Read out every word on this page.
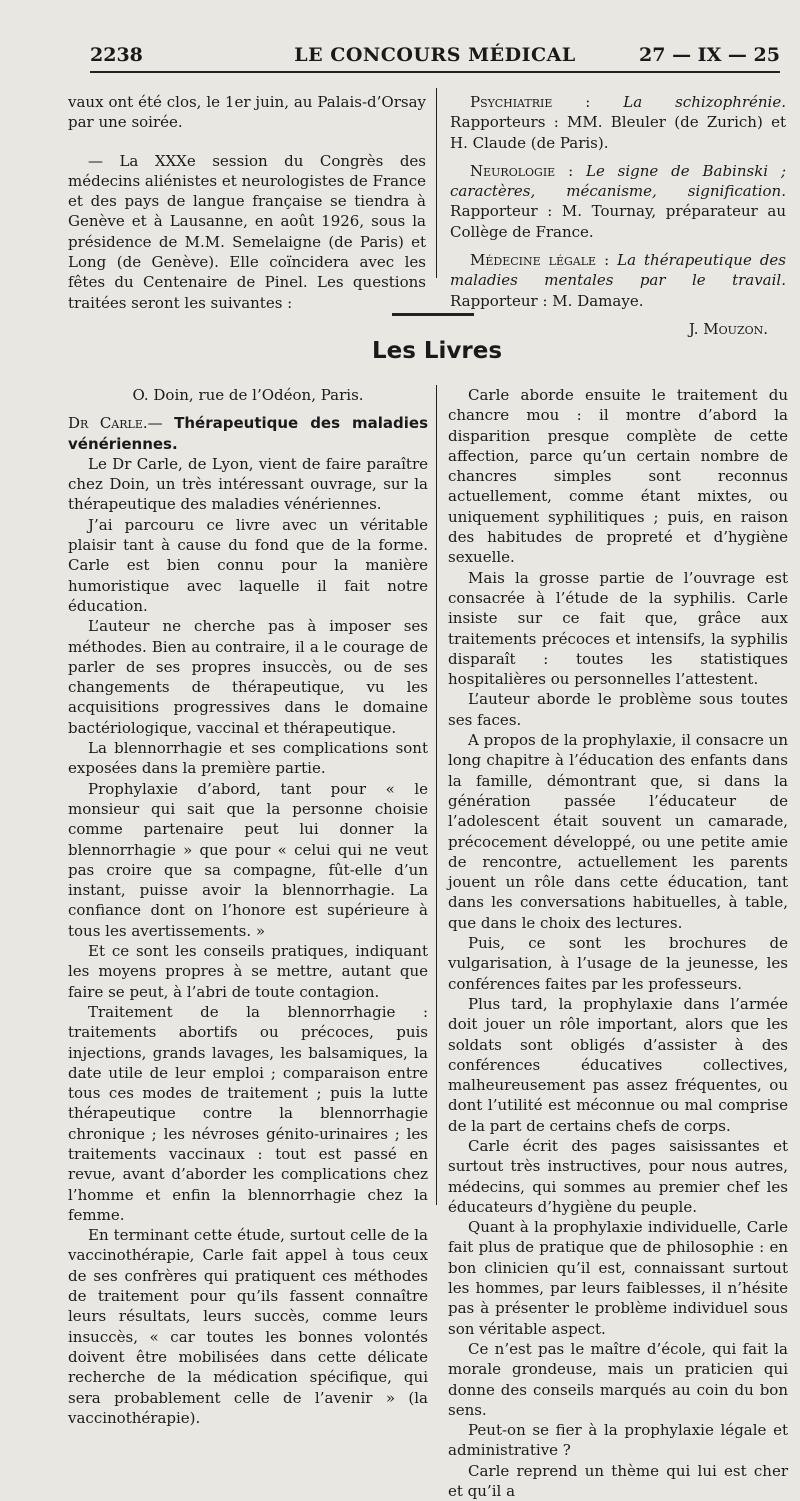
2238	LE CONCOURS MÉDICAL	27 — IX — 25

vaux ont été clos, le 1er juin, au Palais-d’Orsay par une soirée.

— La XXXe session du Congrès des médecins aliénistes et neurologistes de France et des pays de langue française se tiendra à Genève et à Lausanne, en août 1926, sous la présidence de M.M. Semelaigne (de Paris) et Long (de Genève). Elle coïncidera avec les fêtes du Centenaire de Pinel. Les questions traitées seront les suivantes :

Psychiatrie : La schizophrénie. Rapporteurs : MM. Bleuler (de Zurich) et H. Claude (de Paris).

Neurologie : Le signe de Babinski ; caractères, mécanisme, signification. Rapporteur : M. Tournay, préparateur au Collège de France.

Médecine légale : La thérapeutique des maladies mentales par le travail. Rapporteur : M. Damaye.

J. Mouzon.

Les Livres

O. Doin, rue de l’Odéon, Paris.

Dr Carle.— Thérapeutique des maladies vénériennes.

Le Dr Carle, de Lyon, vient de faire paraître chez Doin, un très intéressant ouvrage, sur la thérapeutique des maladies vénériennes.

J’ai parcouru ce livre avec un véritable plaisir tant à cause du fond que de la forme. Carle est bien connu pour la manière humoristique avec laquelle il fait notre éducation.

L’auteur ne cherche pas à imposer ses méthodes. Bien au contraire, il a le courage de parler de ses propres insuccès, ou de ses changements de thérapeutique, vu les acquisitions progressives dans le domaine bactériologique, vaccinal et thérapeutique.

La blennorrhagie et ses complications sont exposées dans la première partie.

Prophylaxie d’abord, tant pour « le monsieur qui sait que la personne choisie comme partenaire peut lui donner la blennorrhagie » que pour « celui qui ne veut pas croire que sa compagne, fût-elle d’un instant, puisse avoir la blennorrhagie. La confiance dont on l’honore est supérieure à tous les avertissements. »

Et ce sont les conseils pratiques, indiquant les moyens propres à se mettre, autant que faire se peut, à l’abri de toute contagion.

Traitement de la blennorrhagie : traitements abortifs ou précoces, puis injections, grands lavages, les balsamiques, la date utile de leur emploi ; comparaison entre tous ces modes de traitement ; puis la lutte thérapeutique contre la blennorrhagie chronique ; les névroses génito-urinaires ; les traitements vaccinaux : tout est passé en revue, avant d’aborder les complications chez l’homme et enfin la blennorrhagie chez la femme.

En terminant cette étude, surtout celle de la vaccinothérapie, Carle fait appel à tous ceux de ses confrères qui pratiquent ces méthodes de traitement pour qu’ils fassent connaître leurs résultats, leurs succès, comme leurs insuccès, « car toutes les bonnes volontés doivent être mobilisées dans cette délicate recherche de la médication spécifique, qui sera probablement celle de l’avenir » (la vaccinothérapie).

Carle aborde ensuite le traitement du chancre mou : il montre d’abord la disparition presque complète de cette affection, parce qu’un certain nombre de chancres simples sont reconnus actuellement, comme étant mixtes, ou uniquement syphilitiques ; puis, en raison des habitudes de propreté et d’hygiène sexuelle.

Mais la grosse partie de l’ouvrage est consacrée à l’étude de la syphilis. Carle insiste sur ce fait que, grâce aux traitements précoces et intensifs, la syphilis disparaît : toutes les statistiques hospitalières ou personnelles l’attestent.

L’auteur aborde le problème sous toutes ses faces.

A propos de la prophylaxie, il consacre un long chapitre à l’éducation des enfants dans la famille, démontrant que, si dans la génération passée l’éducateur de l’adolescent était souvent un camarade, précocement développé, ou une petite amie de rencontre, actuellement les parents jouent un rôle dans cette éducation, tant dans les conversations habituelles, à table, que dans le choix des lectures.

Puis, ce sont les brochures de vulgarisation, à l’usage de la jeunesse, les conférences faites par les professeurs.

Plus tard, la prophylaxie dans l’armée doit jouer un rôle important, alors que les soldats sont obligés d’assister à des conférences éducatives collectives, malheureusement pas assez fréquentes, ou dont l’utilité est méconnue ou mal comprise de la part de certains chefs de corps.

Carle écrit des pages saisissantes et surtout très instructives, pour nous autres, médecins, qui sommes au premier chef les éducateurs d’hygiène du peuple.

Quant à la prophylaxie individuelle, Carle fait plus de pratique que de philosophie : en bon clinicien qu’il est, connaissant surtout les hommes, par leurs faiblesses, il n’hésite pas à présenter le problème individuel sous son véritable aspect.

Ce n’est pas le maître d’école, qui fait la morale grondeuse, mais un praticien qui donne des conseils marqués au coin du bon sens.

Peut-on se fier à la prophylaxie légale et administrative ?

Carle reprend un thème qui lui est cher et qu’il a
